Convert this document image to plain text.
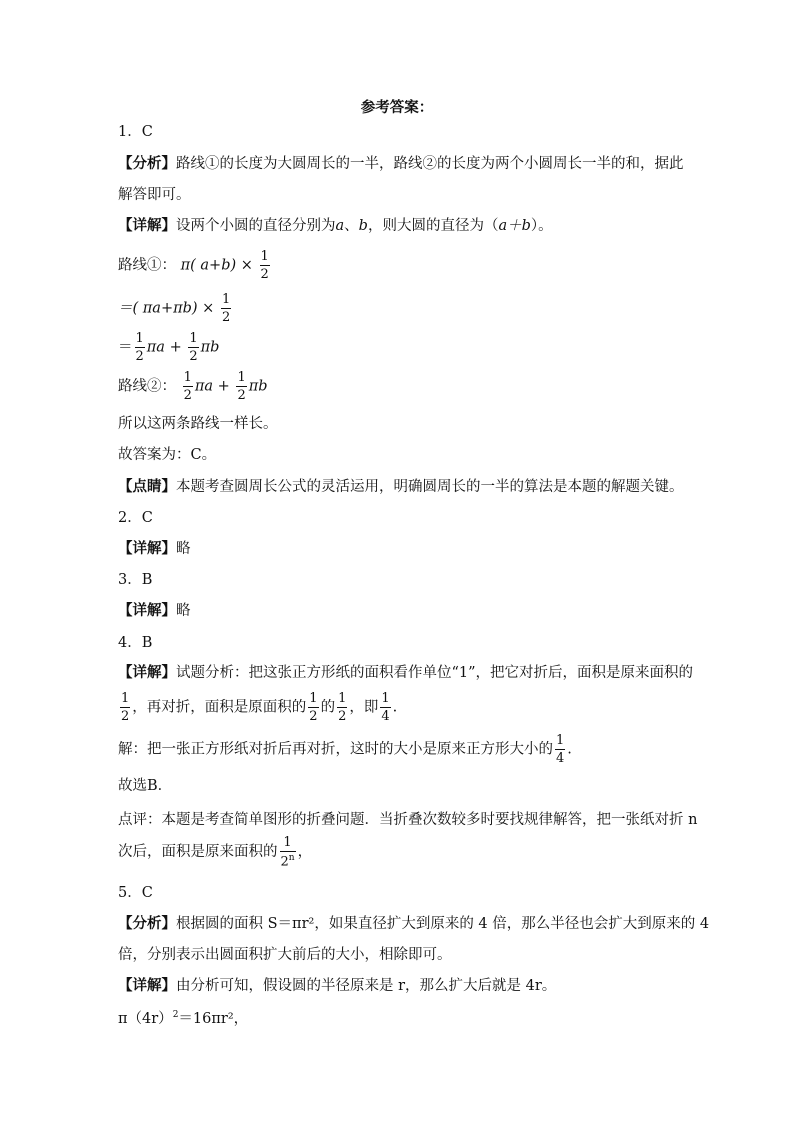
参考答案：
1．C
【分析】路线①的长度为大圆周长的一半，路线②的长度为两个小圆周长一半的和，据此
解答即可。
【详解】设两个小圆的直径分别为a、b，则大圆的直径为（a＋b）。
路线①： π( $a+b) \times \frac{1}{2}$
＝( $\pi a+\pi b) \times \frac{1}{2}$
＝ $\frac{1}{2}$ $\pi a + \frac{1}{2}$ πb
路线②： $\frac{1}{2}$ $\pi a + \frac{1}{2}$ πb
所以这两条路线一样长。
故答案为：C。
【点睛】本题考查圆周长公式的灵活运用，明确圆周长的一半的算法是本题的解题关键。
2．C
【详解】略
3．B
【详解】略
4．B
【详解】试题分析：把这张正方形纸的面积看作单位“1”，把它对折后，面积是原来面积的
$\frac{1}{2}$ ，再对折，面积是原面积的 $\frac{1}{2}$ 的 $\frac{1}{2}$ ，即 $\frac{1}{4}$ .
解：把一张正方形纸对折后再对折，这时的大小是原来正方形大小的 $\frac{1}{4}$ .
故选B．
点评：本题是考查简单图形的折叠问题．当折叠次数较多时要找规律解答，把一张纸对折 n
次后，面积是原来面积的 $\frac{1}{2^n}$ ，
5．C
【分析】根据圆的面积 S＝πr²，如果直径扩大到原来的 4 倍，那么半径也会扩大到原来的 4
倍，分别表示出圆面积扩大前后的大小，相除即可。
【详解】由分析可知，假设圆的半径原来是 r，那么扩大后就是 4r。
$\pi(4r)^2=16\pi r^2$，
